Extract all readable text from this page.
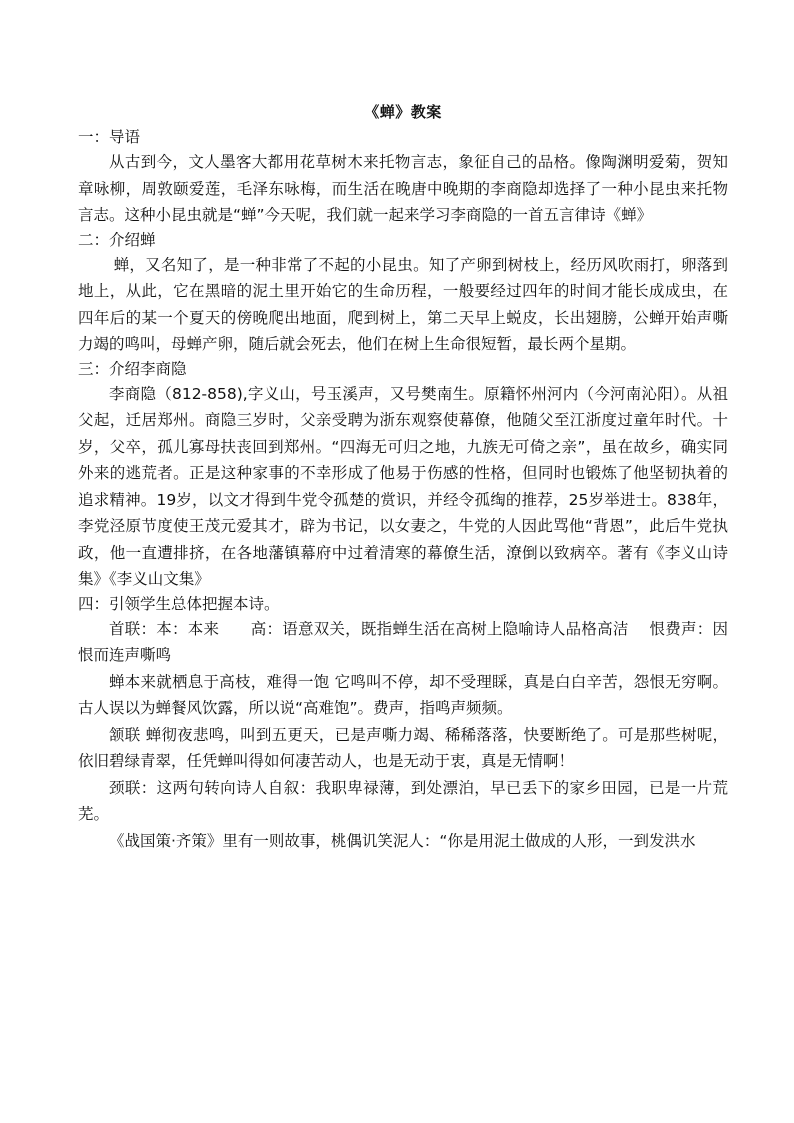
《蝉》教案

一：导语

从古到今，文人墨客大都用花草树木来托物言志，象征自己的品格。像陶渊明爱菊，贺知章咏柳，周敦颐爱莲，毛泽东咏梅，而生活在晚唐中晚期的李商隐却选择了一种小昆虫来托物言志。这种小昆虫就是“蝉”今天呢，我们就一起来学习李商隐的一首五言律诗《蝉》

二：介绍蝉

蝉，又名知了，是一种非常了不起的小昆虫。知了产卵到树枝上，经历风吹雨打，卵落到地上，从此，它在黑暗的泥土里开始它的生命历程，一般要经过四年的时间才能长成成虫，在四年后的某一个夏天的傍晚爬出地面，爬到树上，第二天早上蜕皮，长出翅膀，公蝉开始声嘶力竭的鸣叫，母蝉产卵，随后就会死去，他们在树上生命很短暂，最长两个星期。

三：介绍李商隐

李商隐（812-858),字义山，号玉溪声，又号樊南生。原籍怀州河内（今河南沁阳）。从祖父起，迁居郑州。商隐三岁时，父亲受聘为浙东观察使幕僚，他随父至江浙度过童年时代。十岁，父卒，孤儿寡母扶丧回到郑州。“四海无可归之地，九族无可倚之亲”，虽在故乡，确实同外来的逃荒者。正是这种家事的不幸形成了他易于伤感的性格，但同时也锻炼了他坚韧执着的追求精神。19岁，以文才得到牛党令孤楚的赏识，并经令孤绹的推荐，25岁举进士。838年，李党泾原节度使王茂元爱其才，辟为书记，以女妻之，牛党的人因此骂他“背恩”，此后牛党执政，他一直遭排挤，在各地藩镇幕府中过着清寒的幕僚生活，潦倒以致病卒。著有《李义山诗集》《李义山文集》

四：引领学生总体把握本诗。

首联：本：本来　　高：语意双关，既指蝉生活在高树上隐喻诗人品格高洁　 恨费声：因恨而连声嘶鸣

蝉本来就栖息于高枝，难得一饱 它鸣叫不停，却不受理睬，真是白白辛苦，怨恨无穷啊。古人误以为蝉餐风饮露，所以说“高难饱”。费声，指鸣声频频。

颔联 蝉彻夜悲鸣，叫到五更天，已是声嘶力竭、稀稀落落，快要断绝了。可是那些树呢，依旧碧绿青翠，任凭蝉叫得如何凄苦动人，也是无动于衷，真是无情啊！

颈联：这两句转向诗人自叙：我职卑禄薄，到处漂泊，早已丢下的家乡田园，已是一片荒芜。

《战国策·齐策》里有一则故事，桃偶讥笑泥人：“你是用泥土做成的人形，一到发洪水
